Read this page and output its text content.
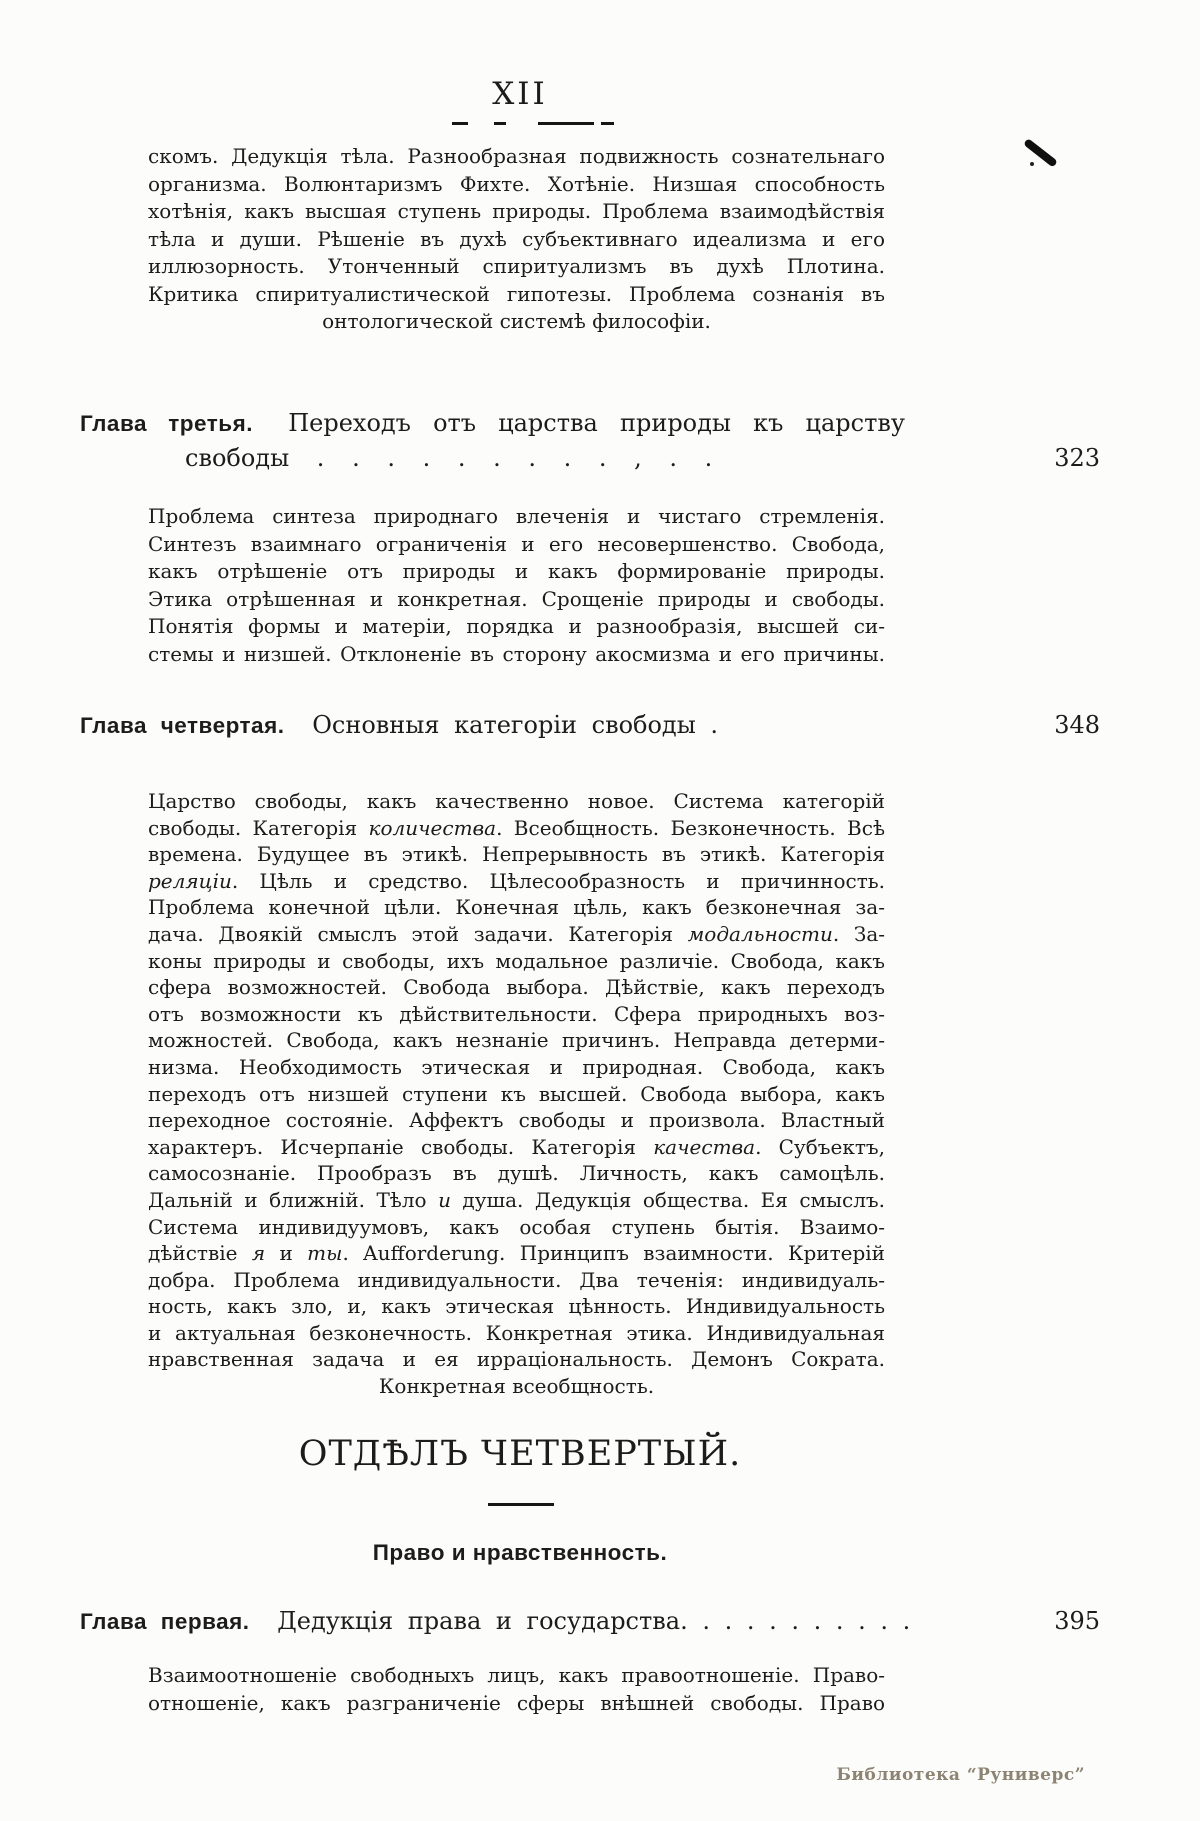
XII
скомъ. Дедукція тѣла. Разнообразная подвижность сознательнаго
организма. Волюнтаризмъ Фихте. Хотѣніе. Низшая способность
хотѣнія, какъ высшая ступень природы. Проблема взаимодѣйствія
тѣла и души. Рѣшеніе въ духѣ субъективнаго идеализма и его
иллюзорность. Утонченный спиритуализмъ въ духѣ Плотина.
Критика спиритуалистической гипотезы. Проблема сознанія въ
онтологической системѣ философіи.
Глава третья. Переходъ отъ царства природы къ царству
свободы . . . . . . . . . , . .	323
Проблема синтеза природнаго влеченія и чистаго стремленія.
Синтезъ взаимнаго ограниченія и его несовершенство. Свобода,
какъ отрѣшеніе отъ природы и какъ формированіе природы.
Этика отрѣшенная и конкретная. Срощеніе природы и свободы.
Понятія формы и матеріи, порядка и разнообразія, высшей си-
стемы и низшей. Отклоненіе въ сторону акосмизма и его причины.
Глава четвертая. Основныя категоріи свободы .	348
Царство свободы, какъ качественно новое. Система категорій
свободы. Категорія количества. Всеобщность. Безконечность. Всѣ
времена. Будущее въ этикѣ. Непрерывность въ этикѣ. Категорія
реляціи. Цѣль и средство. Цѣлесообразность и причинность.
Проблема конечной цѣли. Конечная цѣль, какъ безконечная за-
дача. Двоякій смыслъ этой задачи. Категорія модальности. За-
коны природы и свободы, ихъ модальное различіе. Свобода, какъ
сфера возможностей. Свобода выбора. Дѣйствіе, какъ переходъ
отъ возможности къ дѣйствительности. Сфера природныхъ воз-
можностей. Свобода, какъ незнаніе причинъ. Неправда детерми-
низма. Необходимость этическая и природная. Свобода, какъ
переходъ отъ низшей ступени къ высшей. Свобода выбора, какъ
переходное состояніе. Аффектъ свободы и произвола. Властный
характеръ. Исчерпаніе свободы. Категорія качества. Субъектъ,
самосознаніе. Прообразъ въ душѣ. Личность, какъ самоцѣль.
Дальній и ближній. Тѣло и душа. Дедукція общества. Ея смыслъ.
Система индивидуумовъ, какъ особая ступень бытія. Взаимо-
дѣйствіе я и ты. Aufforderung. Принципъ взаимности. Критерій
добра. Проблема индивидуальности. Два теченія: индивидуаль-
ность, какъ зло, и, какъ этическая цѣнность. Индивидуальность
и актуальная безконечность. Конкретная этика. Индивидуальная
нравственная задача и ея ирраціональность. Демонъ Сократа.
Конкретная всеобщность.
ОТДѢЛЪ ЧЕТВЕРТЫЙ.
Право и нравственность.
Глава первая. Дедукція права и государства. . . . . . . . . . .	395
Взаимоотношеніе свободныхъ лицъ, какъ правоотношеніе. Право-
отношеніе, какъ разграниченіе сферы внѣшней свободы. Право
Библиотека “Руниверс”
